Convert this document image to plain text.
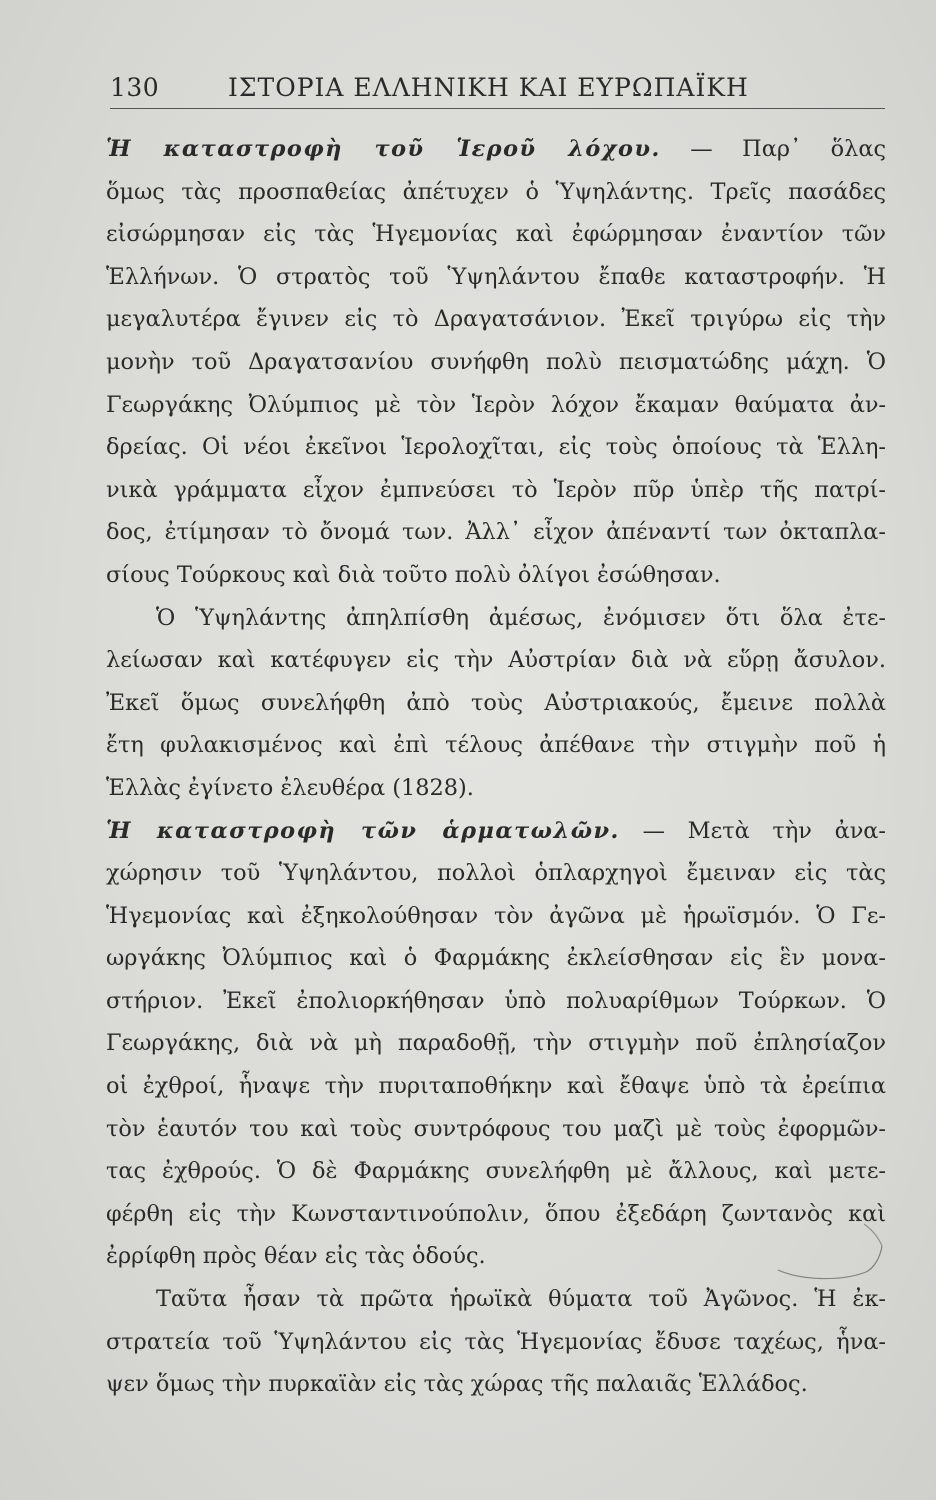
130	ΙΣΤΟΡΙΑ ΕΛΛΗΝΙΚΗ ΚΑΙ ΕΥΡΩΠΑΪΚΗ
Ἡ καταστροφὴ τοῦ Ἱεροῦ λόχου. — Παρ᾽ ὅλας
ὅμως τὰς προσπαθείας ἀπέτυχεν ὁ Ὑψηλάντης. Τρεῖς πασάδες
εἰσώρμησαν εἰς τὰς Ἡγεμονίας καὶ ἐφώρμησαν ἐναντίον τῶν
Ἑλλήνων. Ὁ στρατὸς τοῦ Ὑψηλάντου ἔπαθε καταστροφήν. Ἡ
μεγαλυτέρα ἔγινεν εἰς τὸ Δραγατσάνιον. Ἐκεῖ τριγύρω εἰς τὴν
μονὴν τοῦ Δραγατσανίου συνήφθη πολὺ πεισματώδης μάχη. Ὁ
Γεωργάκης Ὀλύμπιος μὲ τὸν Ἱερὸν λόχον ἔκαμαν θαύματα ἀν-
δρείας. Οἱ νέοι ἐκεῖνοι Ἱερολοχῖται, εἰς τοὺς ὁποίους τὰ Ἑλλη-
νικὰ γράμματα εἶχον ἐμπνεύσει τὸ Ἱερὸν πῦρ ὑπὲρ τῆς πατρί-
δος, ἐτίμησαν τὸ ὄνομά των. Ἀλλ᾽ εἶχον ἀπέναντί των ὀκταπλα-
σίους Τούρκους καὶ διὰ τοῦτο πολὺ ὀλίγοι ἐσώθησαν.
Ὁ Ὑψηλάντης ἀπηλπίσθη ἀμέσως, ἐνόμισεν ὅτι ὅλα ἐτε-
λείωσαν καὶ κατέφυγεν εἰς τὴν Αὐστρίαν διὰ νὰ εὕρῃ ἄσυλον.
Ἐκεῖ ὅμως συνελήφθη ἀπὸ τοὺς Αὐστριακούς, ἔμεινε πολλὰ
ἔτη φυλακισμένος καὶ ἐπὶ τέλους ἀπέθανε τὴν στιγμὴν ποῦ ἡ
Ἑλλὰς ἐγίνετο ἐλευθέρα (1828).
Ἡ καταστροφὴ τῶν ἁρματωλῶν. — Μετὰ τὴν ἀνα-
χώρησιν τοῦ Ὑψηλάντου, πολλοὶ ὁπλαρχηγοὶ ἔμειναν εἰς τὰς
Ἡγεμονίας καὶ ἐξηκολούθησαν τὸν ἀγῶνα μὲ ἡρωϊσμόν. Ὁ Γε-
ωργάκης Ὀλύμπιος καὶ ὁ Φαρμάκης ἐκλείσθησαν εἰς ἓν μονα-
στήριον. Ἐκεῖ ἐπολιορκήθησαν ὑπὸ πολυαρίθμων Τούρκων. Ὁ
Γεωργάκης, διὰ νὰ μὴ παραδοθῇ, τὴν στιγμὴν ποῦ ἐπλησίαζον
οἱ ἐχθροί, ἧναψε τὴν πυριταποθήκην καὶ ἔθαψε ὑπὸ τὰ ἐρείπια
τὸν ἑαυτόν του καὶ τοὺς συντρόφους του μαζὶ μὲ τοὺς ἐφορμῶν-
τας ἐχθρούς. Ὁ δὲ Φαρμάκης συνελήφθη μὲ ἄλλους, καὶ μετε-
φέρθη εἰς τὴν Κωνσταντινούπολιν, ὅπου ἐξεδάρη ζωντανὸς καὶ
ἐρρίφθη πρὸς θέαν εἰς τὰς ὁδούς.
Ταῦτα ἦσαν τὰ πρῶτα ἡρωϊκὰ θύματα τοῦ Ἀγῶνος. Ἡ ἐκ-
στρατεία τοῦ Ὑψηλάντου εἰς τὰς Ἡγεμονίας ἔδυσε ταχέως, ἧνα-
ψεν ὅμως τὴν πυρκαϊὰν εἰς τὰς χώρας τῆς παλαιᾶς Ἑλλάδος.
